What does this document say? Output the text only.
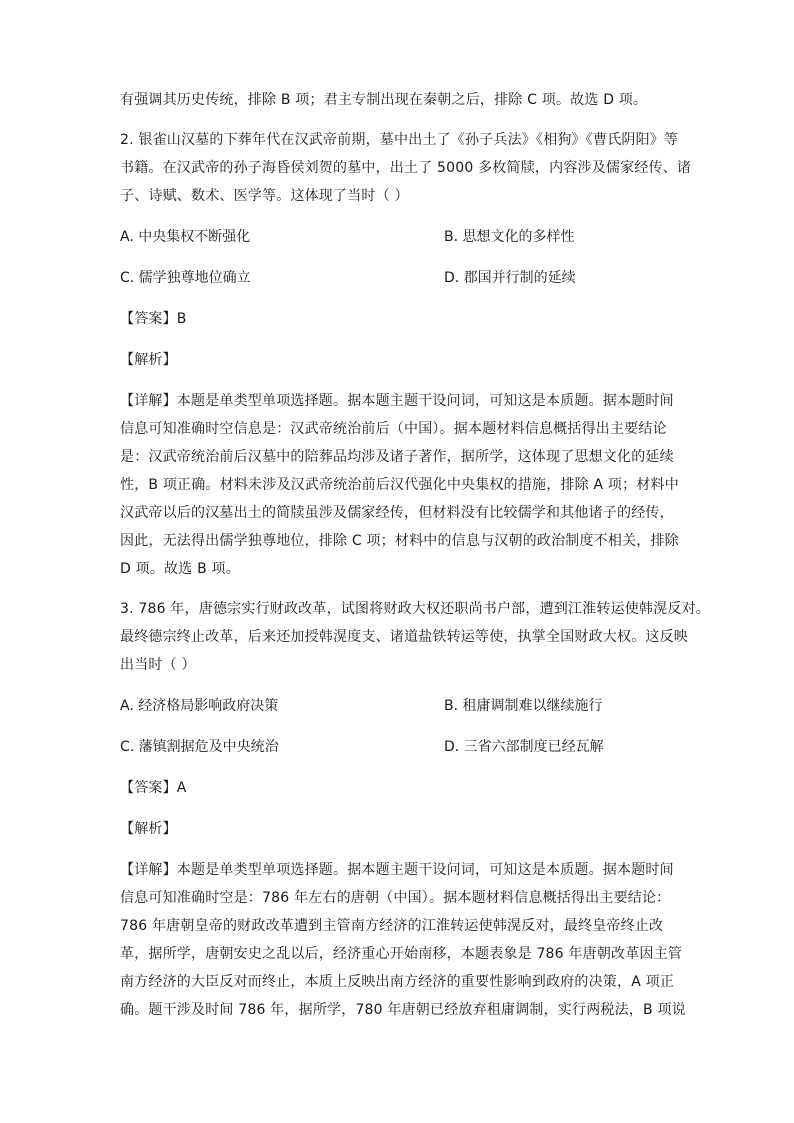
有强调其历史传统，排除 B 项；君主专制出现在秦朝之后，排除 C 项。故选 D 项。
2. 银雀山汉墓的下葬年代在汉武帝前期，墓中出土了《孙子兵法》《相狗》《曹氏阴阳》等
书籍。在汉武帝的孙子海昏侯刘贺的墓中，出土了 5000 多枚简牍，内容涉及儒家经传、诸
子、诗赋、数术、医学等。这体现了当时（ ）
A. 中央集权不断强化	B. 思想文化的多样性
C. 儒学独尊地位确立	D. 郡国并行制的延续
【答案】B
【解析】
【详解】本题是单类型单项选择题。据本题主题干设问词，可知这是本质题。据本题时间
信息可知准确时空信息是：汉武帝统治前后（中国）。据本题材料信息概括得出主要结论
是：汉武帝统治前后汉墓中的陪葬品均涉及诸子著作，据所学，这体现了思想文化的延续
性，B 项正确。材料未涉及汉武帝统治前后汉代强化中央集权的措施，排除 A 项；材料中
汉武帝以后的汉墓出土的简牍虽涉及儒家经传，但材料没有比较儒学和其他诸子的经传，
因此，无法得出儒学独尊地位，排除 C 项；材料中的信息与汉朝的政治制度不相关，排除
D 项。故选 B 项。
3. 786 年，唐德宗实行财政改革，试图将财政大权还职尚书户部，遭到江淮转运使韩滉反对。
最终德宗终止改革，后来还加授韩滉度支、诸道盐铁转运等使，执掌全国财政大权。这反映
出当时（ ）
A. 经济格局影响政府决策	B. 租庸调制难以继续施行
C. 藩镇割据危及中央统治	D. 三省六部制度已经瓦解
【答案】A
【解析】
【详解】本题是单类型单项选择题。据本题主题干设问词，可知这是本质题。据本题时间
信息可知准确时空是：786 年左右的唐朝（中国）。据本题材料信息概括得出主要结论：
786 年唐朝皇帝的财政改革遭到主管南方经济的江淮转运使韩滉反对，最终皇帝终止改
革，据所学，唐朝安史之乱以后，经济重心开始南移，本题表象是 786 年唐朝改革因主管
南方经济的大臣反对而终止，本质上反映出南方经济的重要性影响到政府的决策，A 项正
确。题干涉及时间 786 年，据所学，780 年唐朝已经放弃租庸调制，实行两税法，B 项说
